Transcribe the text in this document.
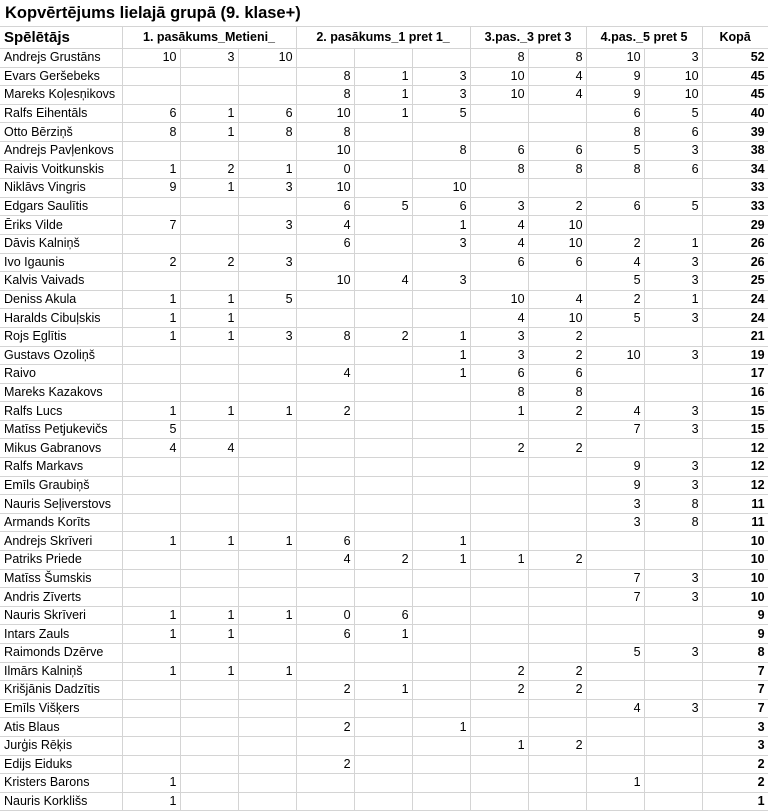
Kopvērtējums lielajā grupā (9. klase+)
Spēlētājs	1. pasākums_Metieni_			2. pasākums_1 pret 1_			3.pas._3 pret 3		4.pas._5 pret 5		Kopā
Andrejs Grustāns	10	3	10				8	8	10	3	52
Evars Geršebeks				8	1	3	10	4	9	10	45
Mareks Koļesņikovs				8	1	3	10	4	9	10	45
Ralfs Eihentāls	6	1	6	10	1	5			6	5	40
Otto Bērziņš	8	1	8	8					8	6	39
Andrejs Pavļenkovs				10		8	6	6	5	3	38
Raivis Voitkunskis	1	2	1	0			8	8	8	6	34
Niklāvs Vingris	9	1	3	10		10					33
Edgars Saulītis				6	5	6	3	2	6	5	33
Ēriks Vilde	7		3	4		1	4	10			29
Dāvis Kalniņš				6		3	4	10	2	1	26
Ivo Igaunis	2	2	3				6	6	4	3	26
Kalvis Vaivads				10	4	3			5	3	25
Deniss Akula	1	1	5				10	4	2	1	24
Haralds Cibuļskis	1	1					4	10	5	3	24
Rojs Eglītis	1	1	3	8	2	1	3	2			21
Gustavs Ozoliņš						1	3	2	10	3	19
Raivo				4		1	6	6			17
Mareks Kazakovs							8	8			16
Ralfs Lucs	1	1	1	2			1	2	4	3	15
Matīss Petjukevičs	5								7	3	15
Mikus Gabranovs	4	4					2	2			12
Ralfs Markavs									9	3	12
Emīls Graubiņš									9	3	12
Nauris Seļiverstovs									3	8	11
Armands Korīts									3	8	11
Andrejs Skrīveri	1	1	1	6		1					10
Patriks Priede				4	2	1	1	2			10
Matīss Šumskis									7	3	10
Andris Zīverts									7	3	10
Nauris Skrīveri	1	1	1	0	6						9
Intars Zauls	1	1		6	1						9
Raimonds Dzērve									5	3	8
Ilmārs Kalniņš	1	1	1				2	2			7
Krišjānis Dadzītis				2	1		2	2			7
Emīls Višķers									4	3	7
Atis Blaus				2		1					3
Jurģis Rēķis							1	2			3
Edijs Eiduks				2							2
Kristers Barons	1								1		2
Nauris Korklišs	1										1
